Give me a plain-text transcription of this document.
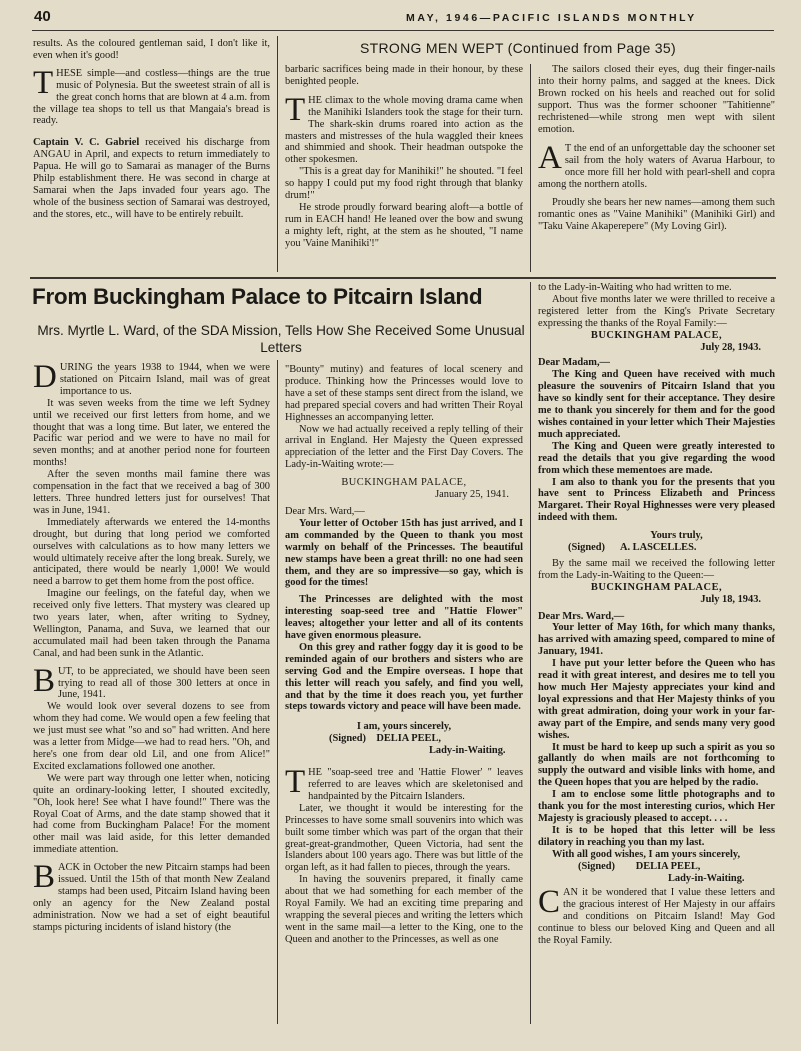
40	MAY, 1946—PACIFIC ISLANDS MONTHLY
STRONG MEN WEPT (Continued from Page 35)

results. As the coloured gentleman said, I don't like it, even when it's good!

THESE simple—and costless—things are the true music of Polynesia. But the sweetest strain of all is the great conch horns that are blown at 4 a.m. from the village tea shops to tell us that Mangaia's bread is ready.

Captain V. C. Gabriel received his discharge from ANGAU in April, and expects to return immediately to Papua. He will go to Samarai as manager of the Burns Philp establishment there. He was second in charge at Samarai when the Japs invaded four years ago. The whole of the business section of Samarai was destroyed, and the stores, etc., will have to be entirely rebuilt.

barbaric sacrifices being made in their honour, by these benighted people.

THE climax to the whole moving drama came when the Manihiki Islanders took the stage for their turn. The shark-skin drums roared into action as the masters and mistresses of the hula waggled their knees and shimmied and shook. Their headman outspoke the other spokesmen.

"This is a great day for Manihiki!" he shouted. "I feel so happy I could put my food right through that blanky drum!"

He strode proudly forward bearing aloft—a bottle of rum in EACH hand! He leaned over the bow and swung a mighty left, right, at the stem as he shouted, "I name you 'Vaine Manihiki'!"

The sailors closed their eyes, dug their finger-nails into their horny palms, and sagged at the knees. Dick Brown rocked on his heels and reached out for solid support. Thus was the former schooner "Tahitienne" rechristened—while strong men wept with silent emotion.

A T the end of an unforgettable day the schooner set sail from the holy waters of Avarua Harbour, to once more fill her hold with pearl-shell and copra among the northern atolls.

Proudly she bears her new names—among them such romantic ones as "Vaine Manihiki" (Manihiki Girl) and "Taku Vaine Akaperepere" (My Loving Girl).

From Buckingham Palace to Pitcairn Island
Mrs. Myrtle L. Ward, of the SDA Mission, Tells How She Received Some Unusual Letters

DURING the years 1938 to 1944, when we were stationed on Pitcairn Island, mail was of great importance to us.

It was seven weeks from the time we left Sydney until we received our first letters from home, and we thought that was a long time. But later, we entered the Pacific war period and we were to have no mail for seven months; and at another period none for fourteen months!

After the seven months mail famine there was compensation in the fact that we received a bag of 300 letters. Three hundred letters just for ourselves! That was in June, 1941.

Immediately afterwards we entered the 14-months drought, but during that long period we comforted ourselves with calculations as to how many letters we would ultimately receive after the long break. Surely, we anticipated, there would be nearly 1,000! We would need a barrow to get them home from the post office.

Imagine our feelings, on the fateful day, when we received only five letters. That mystery was cleared up two years later, when, after writing to Sydney, Wellington, Panama, and Suva, we learned that our accumulated mail had been taken through the Panama Canal, and had been sunk in the Atlantic.

BUT, to be appreciated, we should have been seen trying to read all of those 300 letters at once in June, 1941.

We would look over several dozens to see from whom they had come. We would open a few feeling that we just must see what "so and so" had written. And here was a letter from Midge—we had to read hers. "Oh, and here's one from dear old Lil, and one from Alice!" Excited exclamations followed one another.

We were part way through one letter when, noticing quite an ordinary-looking letter, I shouted excitedly, "Oh, look here! See what I have found!" There was the Royal Coat of Arms, and the date stamp showed that it had come from Buckingham Palace! For the moment other mail was laid aside, for this letter demanded immediate attention.

BACK in October the new Pitcairn stamps had been issued. Until the 15th of that month New Zealand stamps had been used, Pitcairn Island having been only an agency for the New Zealand postal administration. Now we had a set of eight beautiful stamps picturing incidents of island history (the

"Bounty" mutiny) and features of local scenery and produce. Thinking how the Princesses would love to have a set of these stamps sent direct from the island, we had prepared special covers and had written Their Royal Highnesses an accompanying letter.

Now we had actually received a reply telling of their arrival in England. Her Majesty the Queen expressed appreciation of the letter and the First Day Covers. The Lady-in-Waiting wrote:—

BUCKINGHAM PALACE,

January 25, 1941.

Dear Mrs. Ward,—

Your letter of October 15th has just arrived, and I am commanded by the Queen to thank you most warmly on behalf of the Princesses. The beautiful new stamps have been a great thrill: no one had seen them, and they are so impressive—so gay, which is good for the times!

The Princesses are delighted with the most interesting soap-seed tree and "Hattie Flower" leaves; altogether your letter and all of its contents have given enormous pleasure.

On this grey and rather foggy day it is good to be reminded again of our brothers and sisters who are serving God and the Empire overseas. I hope that this letter will reach you safely, and find you well, and that by the time it does reach you, yet further steps towards victory and peace will have been made.

I am, yours sincerely,

(Signed) DELIA PEEL,

Lady-in-Waiting.

THE "soap-seed tree and 'Hattie Flower' " leaves referred to are leaves which are skeletonised and handpainted by the Pitcairn Islanders.

Later, we thought it would be interesting for the Princesses to have some small souvenirs into which was built some timber which was part of the organ that their great-great-grandmother, Queen Victoria, had sent the Islanders about 100 years ago. There was but little of the organ left, as it had fallen to pieces, through the years.

In having the souvenirs prepared, it finally came about that we had something for each member of the Royal Family. We had an exciting time preparing and wrapping the several pieces and writing the letters which went in the same mail—a letter to the King, one to the Queen and another to the Princesses, as well as one

to the Lady-in-Waiting who had written to me.

About five months later we were thrilled to receive a registered letter from the King's Private Secretary expressing the thanks of the Royal Family:—

BUCKINGHAM PALACE,

July 28, 1943.

Dear Madam,—

The King and Queen have received with much pleasure the souvenirs of Pitcairn Island that you have so kindly sent for their acceptance. They desire me to thank you sincerely for them and for the good wishes contained in your letter which Their Majesties much appreciated.

The King and Queen were greatly interested to read the details that you give regarding the wood from which these mementoes are made.

I am also to thank you for the presents that you have sent to Princess Elizabeth and Princess Margaret. Their Royal Highnesses were very pleased indeed with them.

Yours truly,

(Signed) A. LASCELLES.

By the same mail we received the following letter from the Lady-in-Waiting to the Queen:—

BUCKINGHAM PALACE,

July 18, 1943.

Dear Mrs. Ward,—

Your letter of May 16th, for which many thanks, has arrived with amazing speed, compared to mine of January, 1941.

I have put your letter before the Queen who has read it with great interest, and desires me to tell you how much Her Majesty appreciates your kind and loyal expressions and that Her Majesty thinks of you with great admiration, doing your work in your far-away part of the Empire, and sends many very good wishes.

It must be hard to keep up such a spirit as you so gallantly do when mails are not forthcoming to supply the outward and visible links with home, and the Queen hopes that you are helped by the radio.

I am to enclose some little photographs and to thank you for the most interesting curios, which Her Majesty is graciously pleased to accept. . . .

It is to be hoped that this letter will be less dilatory in reaching you than my last.

With all good wishes, I am yours sincerely,

(Signed) DELIA PEEL,

Lady-in-Waiting.

CAN it be wondered that I value these letters and the gracious interest of Her Majesty in our affairs and conditions on Pitcairn Island! May God continue to bless our beloved King and Queen and all the Royal Family.
